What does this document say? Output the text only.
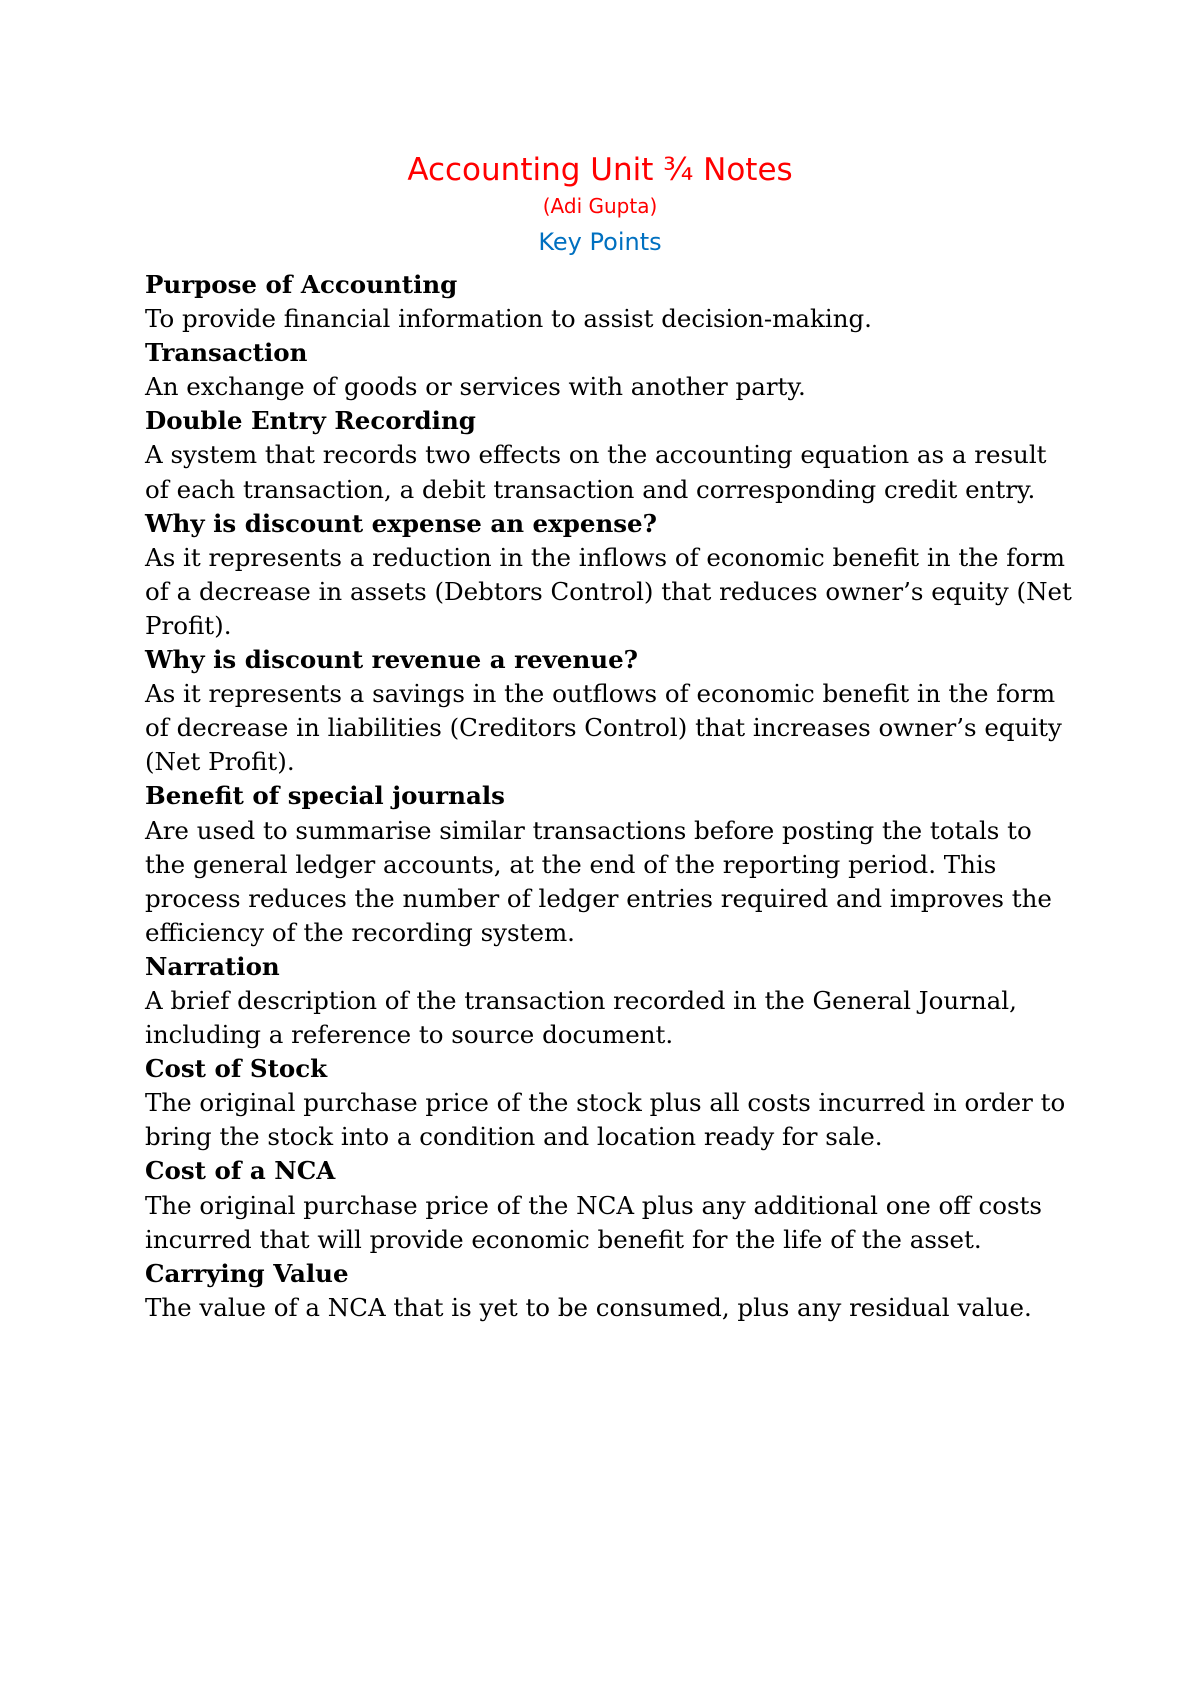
Accounting Unit ¾ Notes
(Adi Gupta)
Key Points
Purpose of Accounting
To provide financial information to assist decision-making.
Transaction
An exchange of goods or services with another party.
Double Entry Recording
A system that records two effects on the accounting equation as a result of each transaction, a debit transaction and corresponding credit entry.
Why is discount expense an expense?
As it represents a reduction in the inflows of economic benefit in the form of a decrease in assets (Debtors Control) that reduces owner’s equity (Net Profit).
Why is discount revenue a revenue?
As it represents a savings in the outflows of economic benefit in the form of decrease in liabilities (Creditors Control) that increases owner’s equity (Net Profit).
Benefit of special journals
Are used to summarise similar transactions before posting the totals to the general ledger accounts, at the end of the reporting period. This process reduces the number of ledger entries required and improves the efficiency of the recording system.
Narration
A brief description of the transaction recorded in the General Journal, including a reference to source document.
Cost of Stock
The original purchase price of the stock plus all costs incurred in order to bring the stock into a condition and location ready for sale.
Cost of a NCA
The original purchase price of the NCA plus any additional one off costs incurred that will provide economic benefit for the life of the asset.
Carrying Value
The value of a NCA that is yet to be consumed, plus any residual value.
